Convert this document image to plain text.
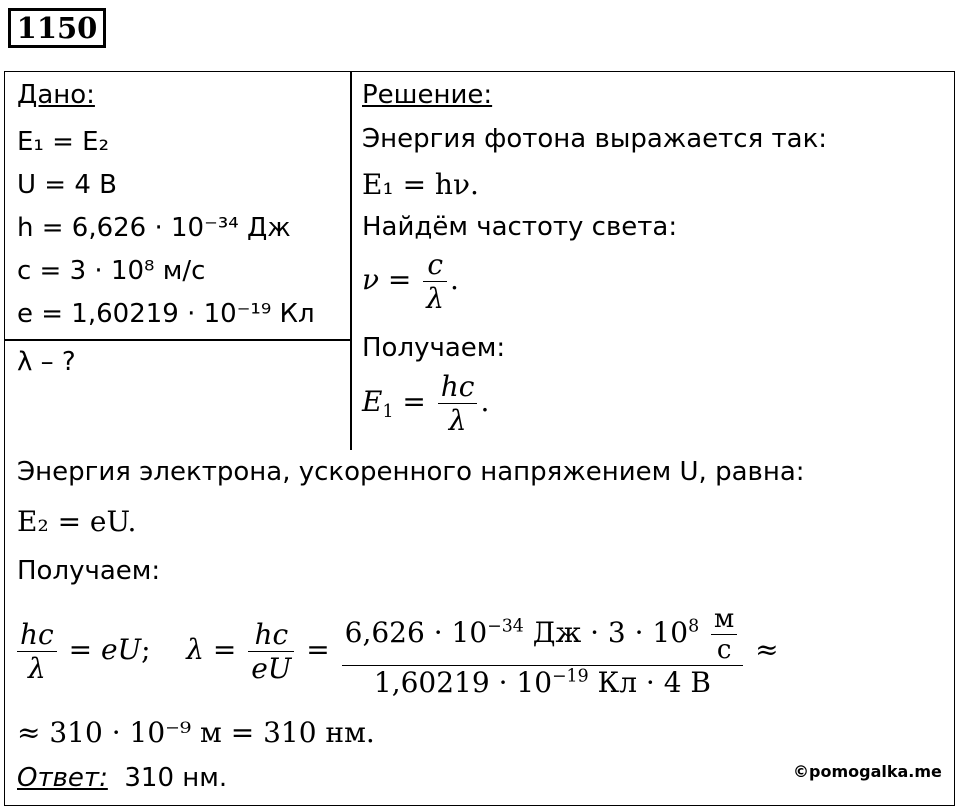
1150
Дано:
E₁ = E₂
U = 4 В
h = 6,626 · 10⁻³⁴ Дж
c = 3 · 10⁸ м/с
e = 1,60219 · 10⁻¹⁹ Кл
λ – ?
Решение:
Энергия фотона выражается так:
E₁ = hν.
Найдём частоту света:
$\nu = \frac{c}{\lambda}$ .
Получаем:
$E_1 = \frac{hc}{\lambda}$ .
Энергия электрона, ускоренного напряжением U, равна:
E₂ = eU.
Получаем:
$\frac{hc}{\lambda}$ = eU;    $\lambda = \frac{hc}{eU} = \frac{6,626 \cdot 10^{-34} Дж \cdot 3 \cdot 10^8 \frac{м}{с}}{1,60219 \cdot 10^{-19} Кл \cdot 4 В}$ ≈
≈ 310 · 10⁻⁹ м = 310 нм.
Ответ: 310 нм.	©pomogalka.me
